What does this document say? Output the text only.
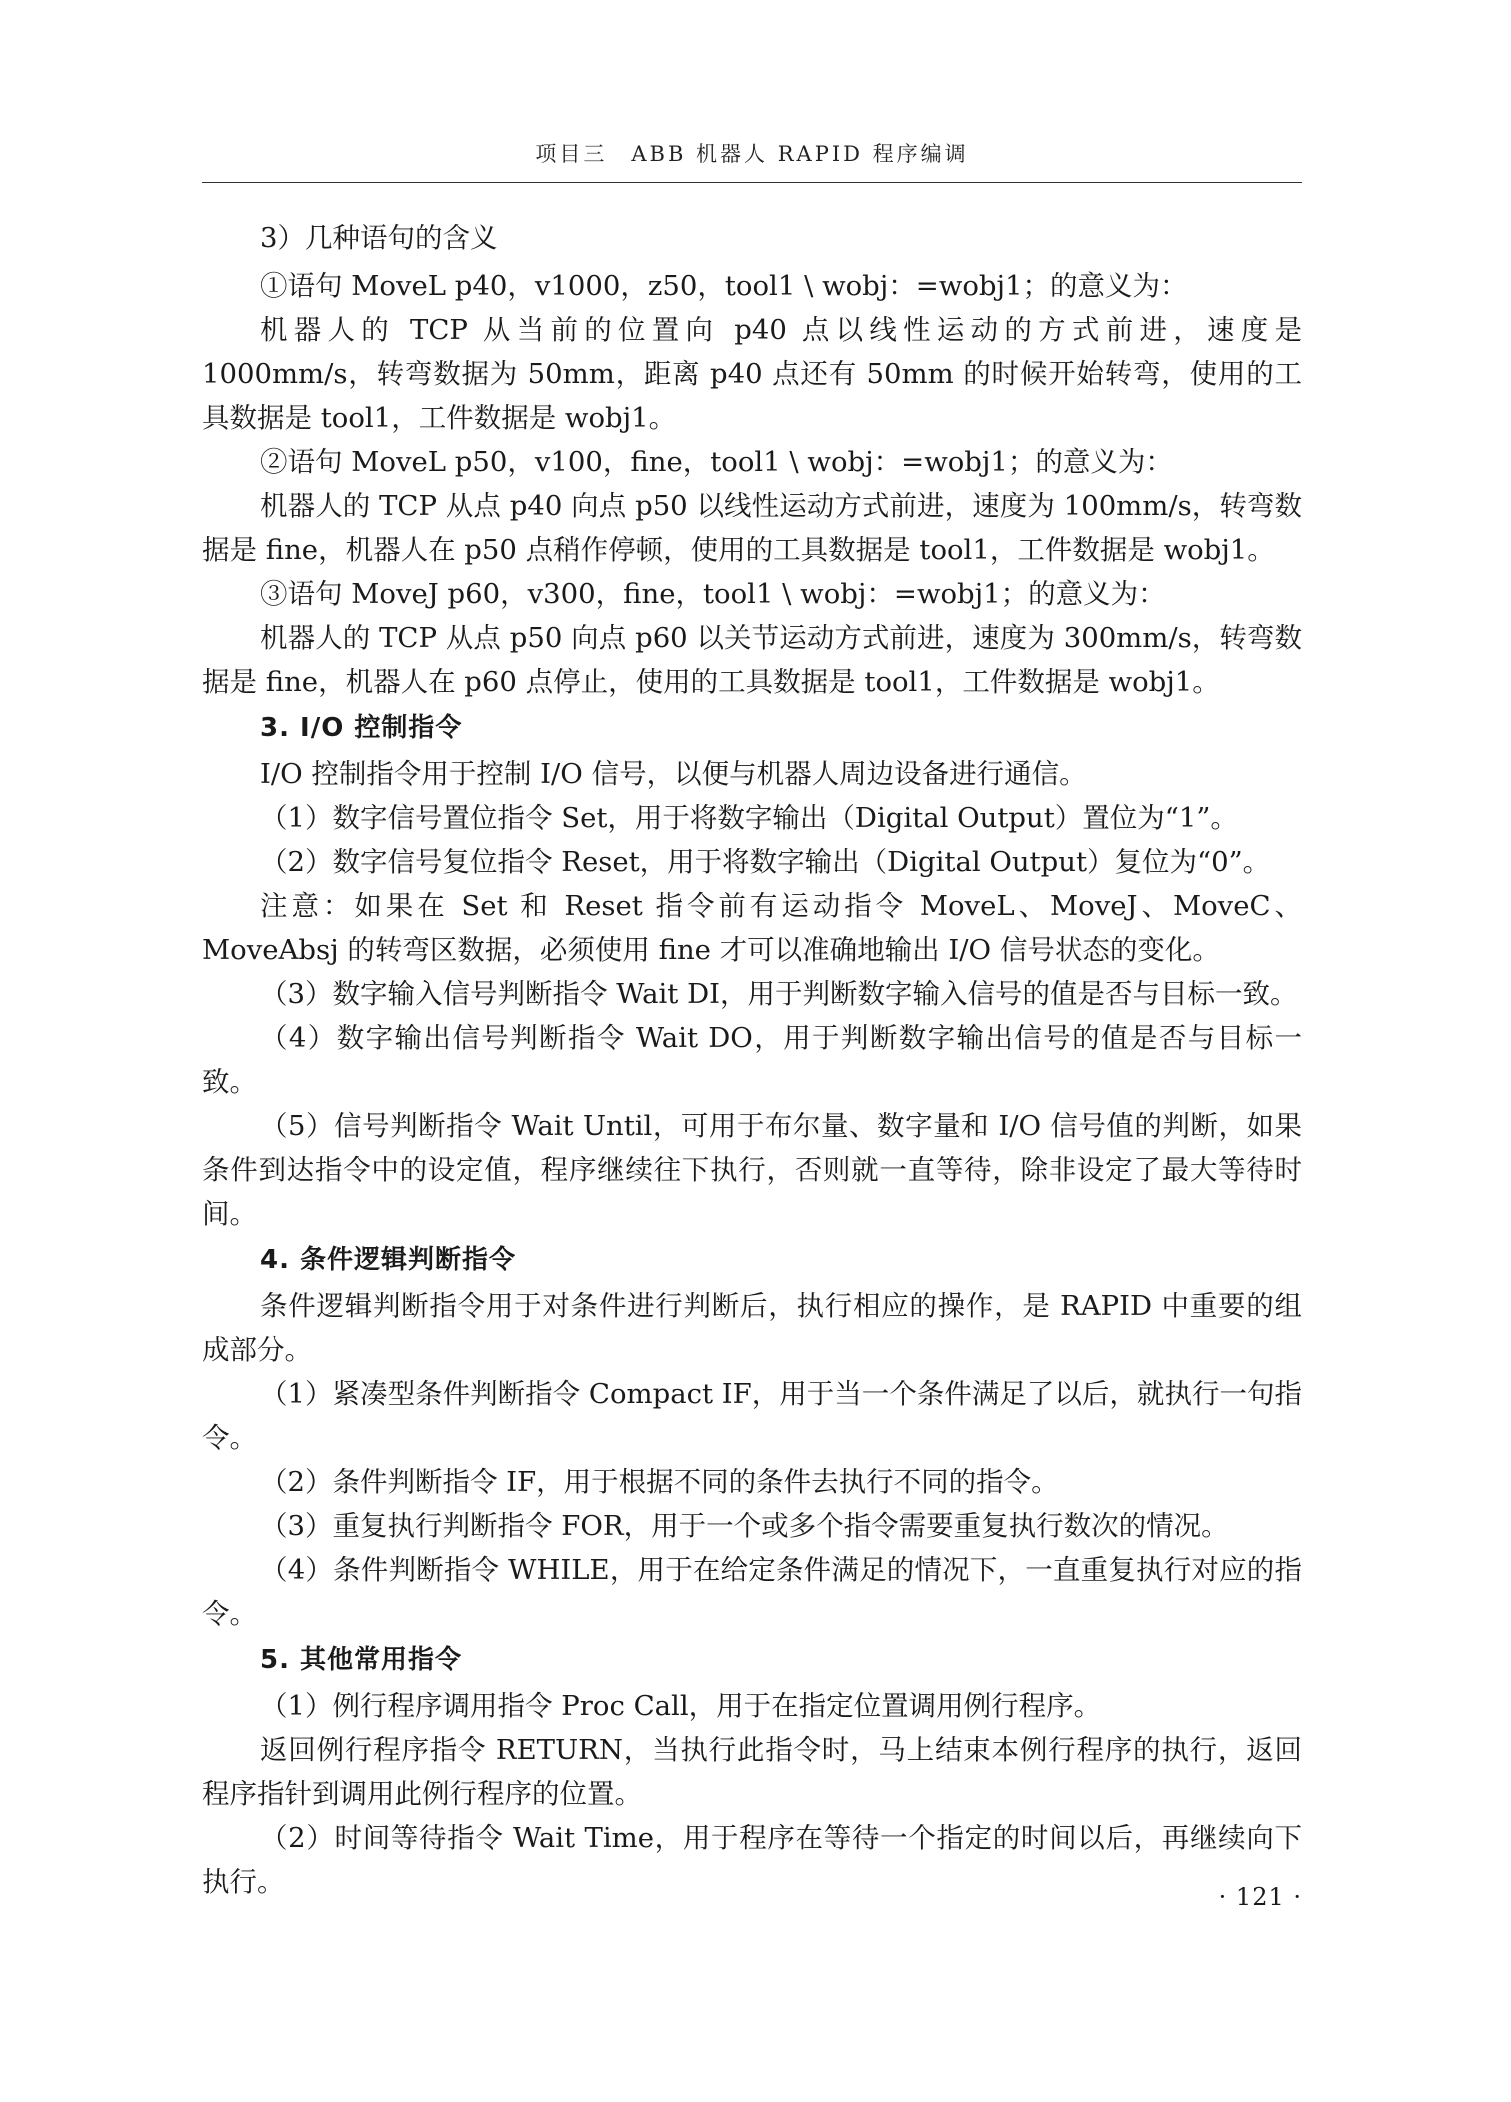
项目三　ABB 机器人 RAPID 程序编调

3）几种语句的含义

①语句 MoveL p40，v1000，z50，tool1 \ wobj：=wobj1；的意义为：

机器人的 TCP 从当前的位置向 p40 点以线性运动的方式前进，速度是 1000mm/s，转弯数据为 50mm，距离 p40 点还有 50mm 的时候开始转弯，使用的工具数据是 tool1，工件数据是 wobj1。

②语句 MoveL p50，v100，fine，tool1 \ wobj：=wobj1；的意义为：

机器人的 TCP 从点 p40 向点 p50 以线性运动方式前进，速度为 100mm/s，转弯数据是 fine，机器人在 p50 点稍作停顿，使用的工具数据是 tool1，工件数据是 wobj1。

③语句 MoveJ p60，v300，fine，tool1 \ wobj：=wobj1；的意义为：

机器人的 TCP 从点 p50 向点 p60 以关节运动方式前进，速度为 300mm/s，转弯数据是 fine，机器人在 p60 点停止，使用的工具数据是 tool1，工件数据是 wobj1。

3. I/O 控制指令

I/O 控制指令用于控制 I/O 信号，以便与机器人周边设备进行通信。

（1）数字信号置位指令 Set，用于将数字输出（Digital Output）置位为“1”。

（2）数字信号复位指令 Reset，用于将数字输出（Digital Output）复位为“0”。

注意：如果在 Set 和 Reset 指令前有运动指令 MoveL、MoveJ、MoveC、MoveAbsj 的转弯区数据，必须使用 fine 才可以准确地输出 I/O 信号状态的变化。

（3）数字输入信号判断指令 Wait DI，用于判断数字输入信号的值是否与目标一致。

（4）数字输出信号判断指令 Wait DO，用于判断数字输出信号的值是否与目标一致。

（5）信号判断指令 Wait Until，可用于布尔量、数字量和 I/O 信号值的判断，如果条件到达指令中的设定值，程序继续往下执行，否则就一直等待，除非设定了最大等待时间。

4. 条件逻辑判断指令

条件逻辑判断指令用于对条件进行判断后，执行相应的操作，是 RAPID 中重要的组成部分。

（1）紧凑型条件判断指令 Compact IF，用于当一个条件满足了以后，就执行一句指令。

（2）条件判断指令 IF，用于根据不同的条件去执行不同的指令。

（3）重复执行判断指令 FOR，用于一个或多个指令需要重复执行数次的情况。

（4）条件判断指令 WHILE，用于在给定条件满足的情况下，一直重复执行对应的指令。

5. 其他常用指令

（1）例行程序调用指令 Proc Call，用于在指定位置调用例行程序。

返回例行程序指令 RETURN，当执行此指令时，马上结束本例行程序的执行，返回程序指针到调用此例行程序的位置。

（2）时间等待指令 Wait Time，用于程序在等待一个指定的时间以后，再继续向下执行。	· 121 ·
